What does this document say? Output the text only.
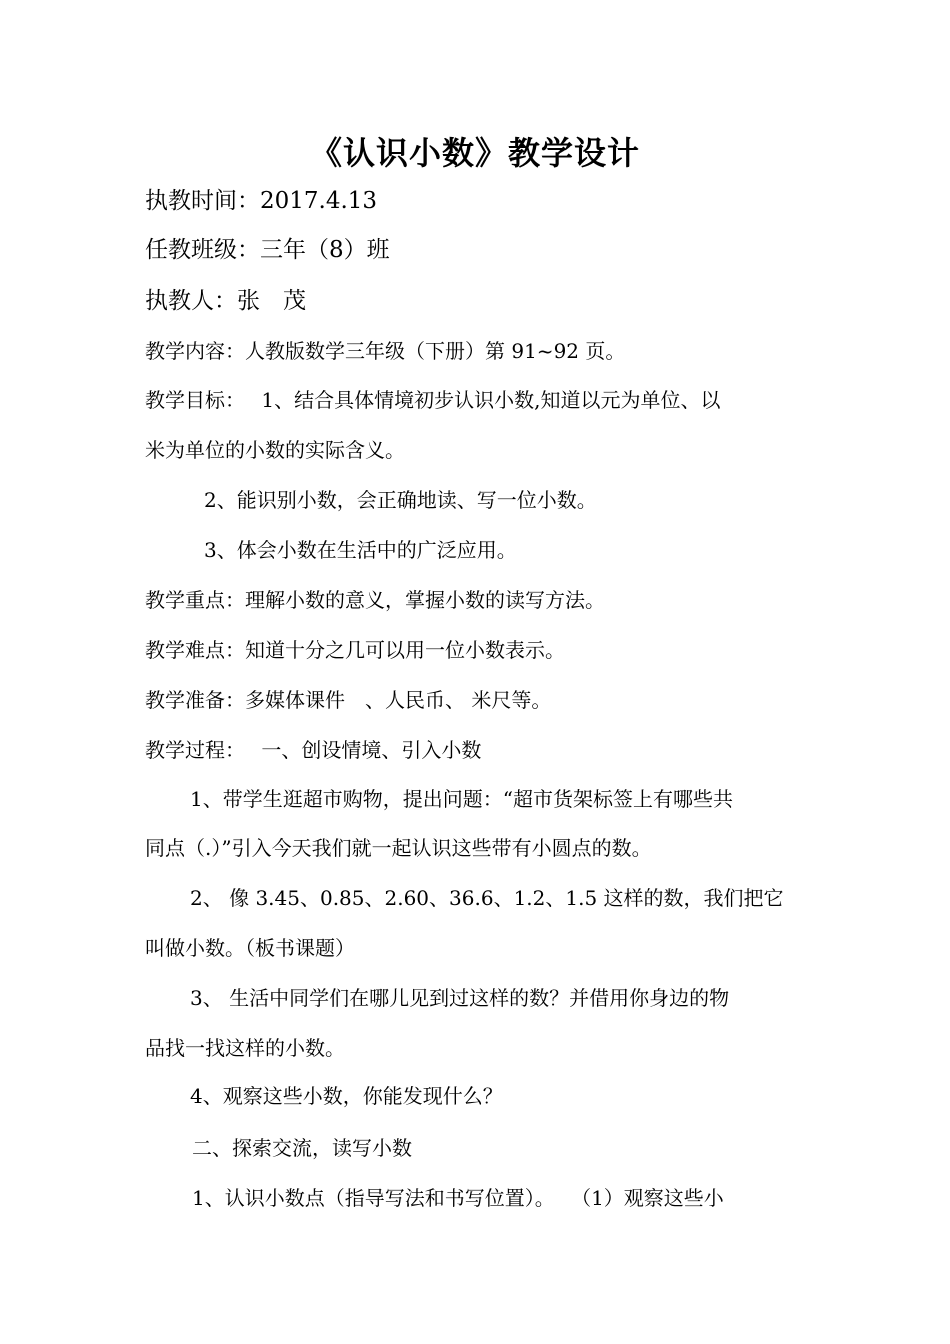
《认识小数》教学设计
执教时间：2017.4.13
任教班级：三年（8）班
执教人：张　茂
教学内容：人教版数学三年级（下册）第 91~92 页。
教学目标：　 1、结合具体情境初步认识小数,知道以元为单位、以
米为单位的小数的实际含义。
2、能识别小数，会正确地读、写一位小数。
3、体会小数在生活中的广泛应用。
教学重点：理解小数的意义，掌握小数的读写方法。
教学难点：知道十分之几可以用一位小数表示。
教学准备：多媒体课件　、人民币、 米尺等。
教学过程：　 一、创设情境、引入小数
1、带学生逛超市购物，提出问题：“超市货架标签上有哪些共
同点（.）”引入今天我们就一起认识这些带有小圆点的数。
2、 像 3.45、0.85、2.60、36.6、1.2、1.5 这样的数，我们把它
叫做小数。（板书课题）
3、 生活中同学们在哪儿见到过这样的数？并借用你身边的物
品找一找这样的小数。
4、观察这些小数，你能发现什么？
二、探索交流，读写小数
1、认识小数点（指导写法和书写位置）。　 （1）观察这些小
